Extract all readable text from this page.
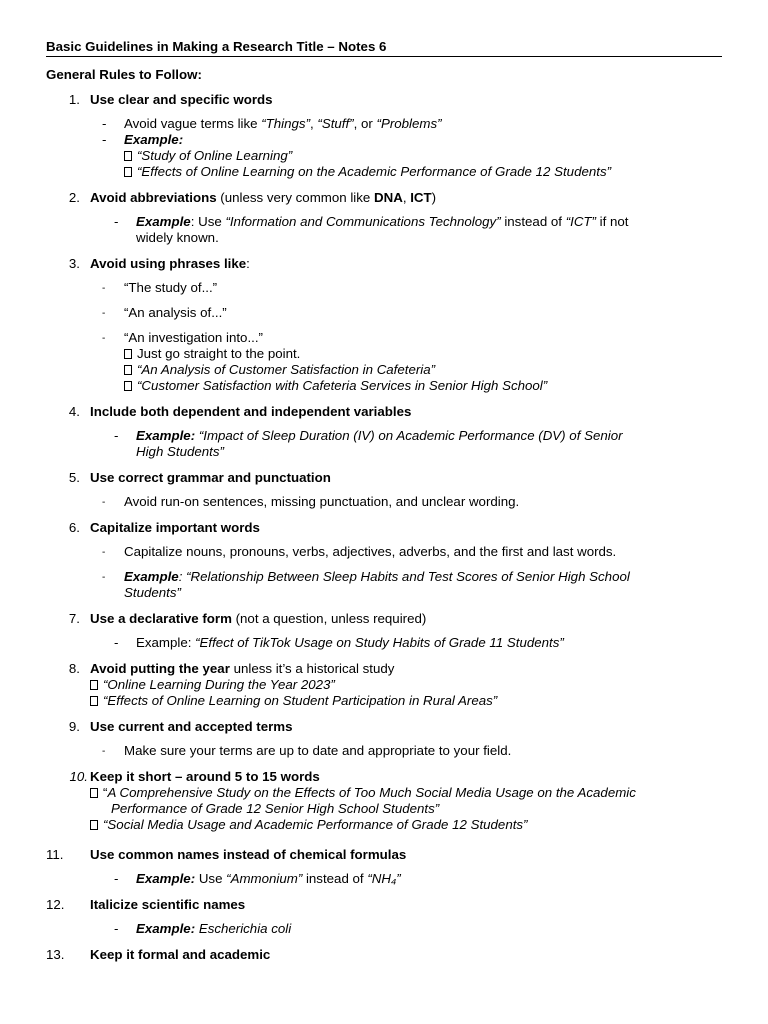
Basic Guidelines in Making a Research Title – Notes 6
General Rules to Follow:
1. Use clear and specific words
- Avoid vague terms like “Things”, “Stuff”, or “Problems”
- Example:
“Study of Online Learning”
“Effects of Online Learning on the Academic Performance of Grade 12 Students”
2. Avoid abbreviations (unless very common like DNA, ICT)
- Example: Use “Information and Communications Technology” instead of “ICT” if not
widely known.
3. Avoid using phrases like:
- “The study of...”
- “An analysis of...”
- “An investigation into...”
Just go straight to the point.
“An Analysis of Customer Satisfaction in Cafeteria”
“Customer Satisfaction with Cafeteria Services in Senior High School”
4. Include both dependent and independent variables
- Example: “Impact of Sleep Duration (IV) on Academic Performance (DV) of Senior
High Students”
5. Use correct grammar and punctuation
- Avoid run-on sentences, missing punctuation, and unclear wording.
6. Capitalize important words
- Capitalize nouns, pronouns, verbs, adjectives, adverbs, and the first and last words.
- Example: “Relationship Between Sleep Habits and Test Scores of Senior High School
Students”
7. Use a declarative form (not a question, unless required)
- Example: “Effect of TikTok Usage on Study Habits of Grade 11 Students”
8. Avoid putting the year unless it’s a historical study
“Online Learning During the Year 2023”
“Effects of Online Learning on Student Participation in Rural Areas”
9. Use current and accepted terms
- Make sure your terms are up to date and appropriate to your field.
10. Keep it short – around 5 to 15 words
“A Comprehensive Study on the Effects of Too Much Social Media Usage on the Academic
Performance of Grade 12 Senior High School Students”
“Social Media Usage and Academic Performance of Grade 12 Students”
11.	Use common names instead of chemical formulas
- Example: Use “Ammonium” instead of “NH₄”
12.	Italicize scientific names
- Example: Escherichia coli
13.	Keep it formal and academic
